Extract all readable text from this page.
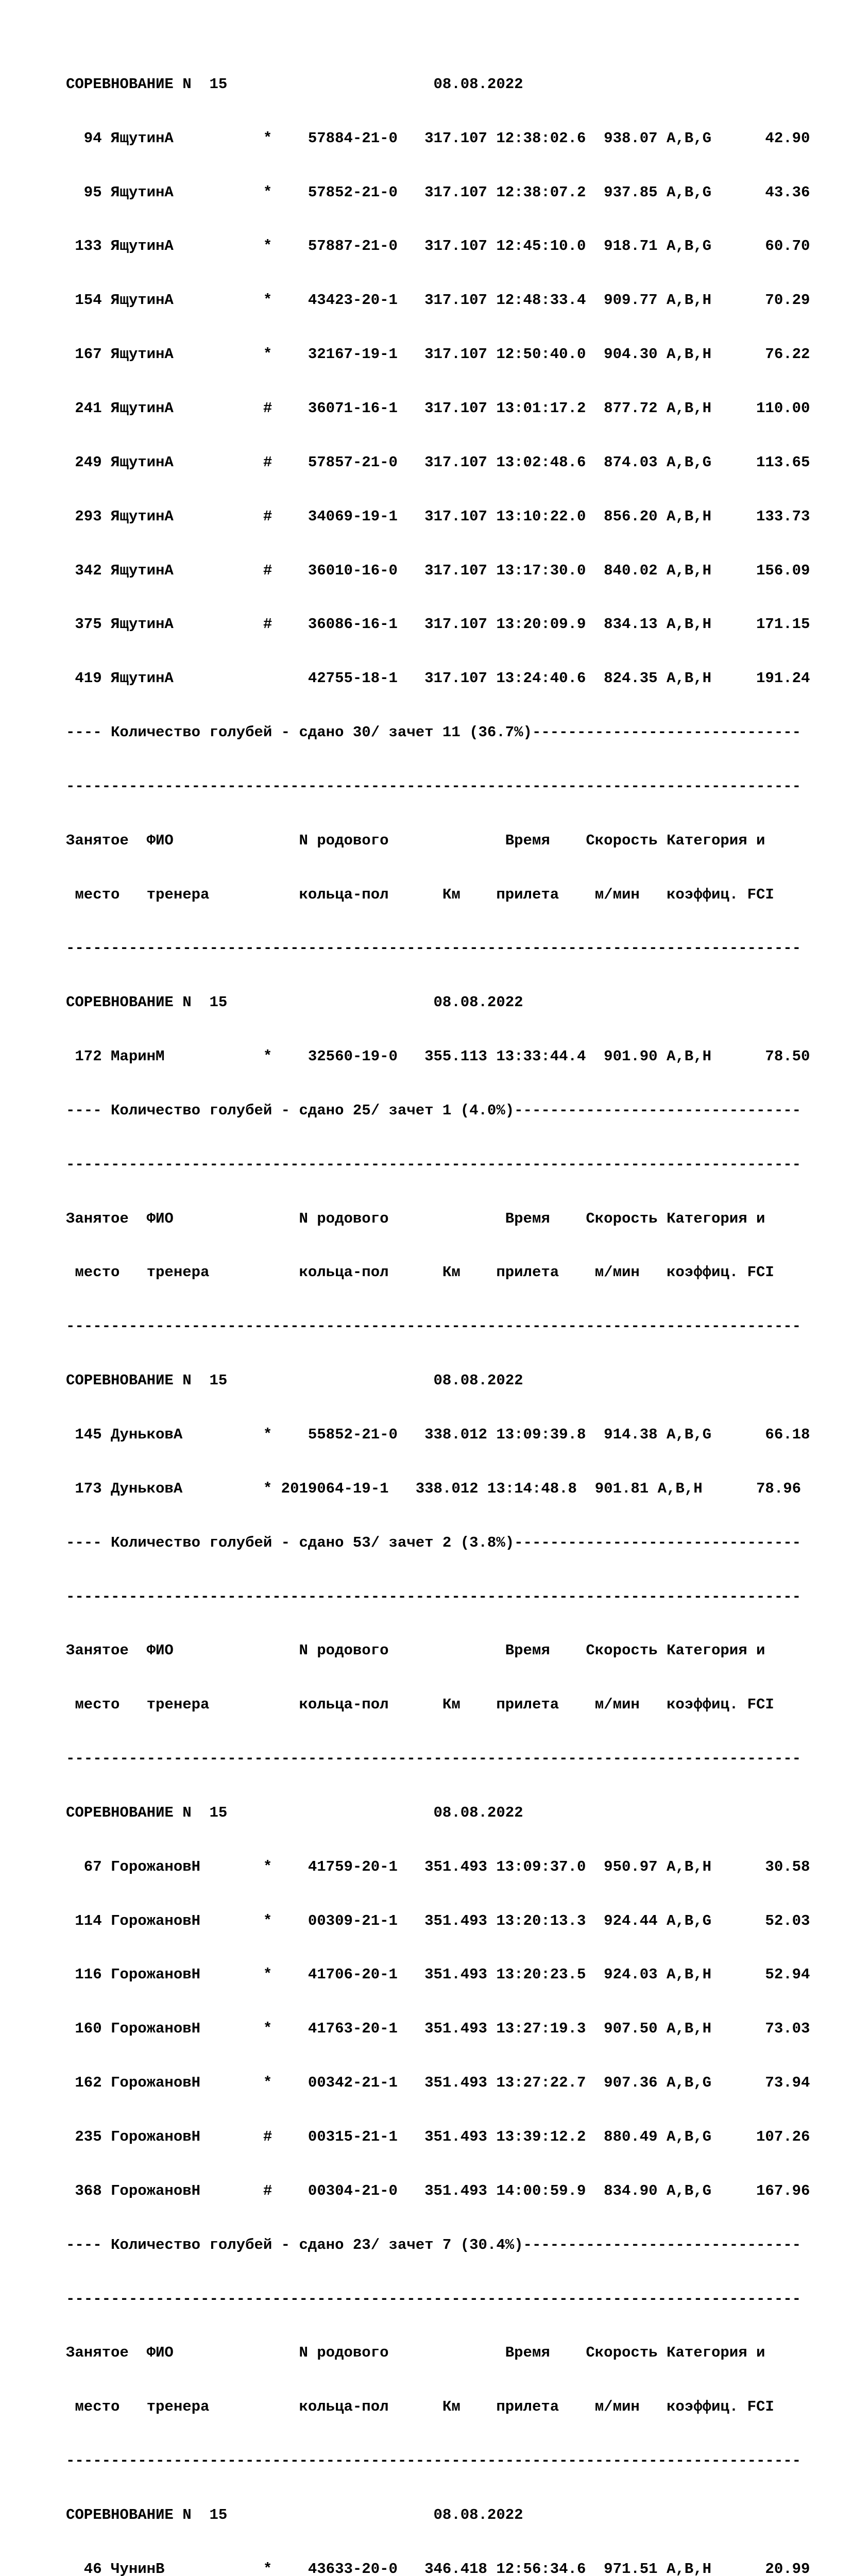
СОРЕВНОВАНИЕ N  15                       08.08.2022

94 ЯщутинА          *    57884-21-0   317.107 12:38:02.6  938.07 A,B,G      42.90

95 ЯщутинА          *    57852-21-0   317.107 12:38:07.2  937.85 A,B,G      43.36

133 ЯщутинА          *    57887-21-0   317.107 12:45:10.0  918.71 A,B,G      60.70

154 ЯщутинА          *    43423-20-1   317.107 12:48:33.4  909.77 A,B,H      70.29

167 ЯщутинА          *    32167-19-1   317.107 12:50:40.0  904.30 A,B,H      76.22

241 ЯщутинА          #    36071-16-1   317.107 13:01:17.2  877.72 A,B,H     110.00

249 ЯщутинА          #    57857-21-0   317.107 13:02:48.6  874.03 A,B,G     113.65

293 ЯщутинА          #    34069-19-1   317.107 13:10:22.0  856.20 A,B,H     133.73

342 ЯщутинА          #    36010-16-0   317.107 13:17:30.0  840.02 A,B,H     156.09

375 ЯщутинА          #    36086-16-1   317.107 13:20:09.9  834.13 A,B,H     171.15

419 ЯщутинА               42755-18-1   317.107 13:24:40.6  824.35 A,B,H     191.24

---- Количество голубей - сдано 30/ зачет 11 (36.7%)------------------------------

----------------------------------------------------------------------------------

Занятое  ФИО              N родового             Время    Скорость Категория и

место   тренера          кольца-пол      Км    прилета    м/мин   коэффиц. FCI

----------------------------------------------------------------------------------

СОРЕВНОВАНИЕ N  15                       08.08.2022

172 МаринМ           *    32560-19-0   355.113 13:33:44.4  901.90 A,B,H      78.50

---- Количество голубей - сдано 25/ зачет 1 (4.0%)--------------------------------

----------------------------------------------------------------------------------

Занятое  ФИО              N родового             Время    Скорость Категория и

место   тренера          кольца-пол      Км    прилета    м/мин   коэффиц. FCI

----------------------------------------------------------------------------------

СОРЕВНОВАНИЕ N  15                       08.08.2022

145 ДуньковА         *    55852-21-0   338.012 13:09:39.8  914.38 A,B,G      66.18

173 ДуньковА         * 2019064-19-1   338.012 13:14:48.8  901.81 A,B,H      78.96

---- Количество голубей - сдано 53/ зачет 2 (3.8%)--------------------------------

----------------------------------------------------------------------------------

Занятое  ФИО              N родового             Время    Скорость Категория и

место   тренера          кольца-пол      Км    прилета    м/мин   коэффиц. FCI

----------------------------------------------------------------------------------

СОРЕВНОВАНИЕ N  15                       08.08.2022

67 ГорожановН       *    41759-20-1   351.493 13:09:37.0  950.97 A,B,H      30.58

114 ГорожановН       *    00309-21-1   351.493 13:20:13.3  924.44 A,B,G      52.03

116 ГорожановН       *    41706-20-1   351.493 13:20:23.5  924.03 A,B,H      52.94

160 ГорожановН       *    41763-20-1   351.493 13:27:19.3  907.50 A,B,H      73.03

162 ГорожановН       *    00342-21-1   351.493 13:27:22.7  907.36 A,B,G      73.94

235 ГорожановН       #    00315-21-1   351.493 13:39:12.2  880.49 A,B,G     107.26

368 ГорожановН       #    00304-21-0   351.493 14:00:59.9  834.90 A,B,G     167.96

---- Количество голубей - сдано 23/ зачет 7 (30.4%)-------------------------------

----------------------------------------------------------------------------------

Занятое  ФИО              N родового             Время    Скорость Категория и

место   тренера          кольца-пол      Км    прилета    м/мин   коэффиц. FCI

----------------------------------------------------------------------------------

СОРЕВНОВАНИЕ N  15                       08.08.2022

46 ЧунинВ           *    43633-20-0   346.418 12:56:34.6  971.51 A,B,H      20.99
